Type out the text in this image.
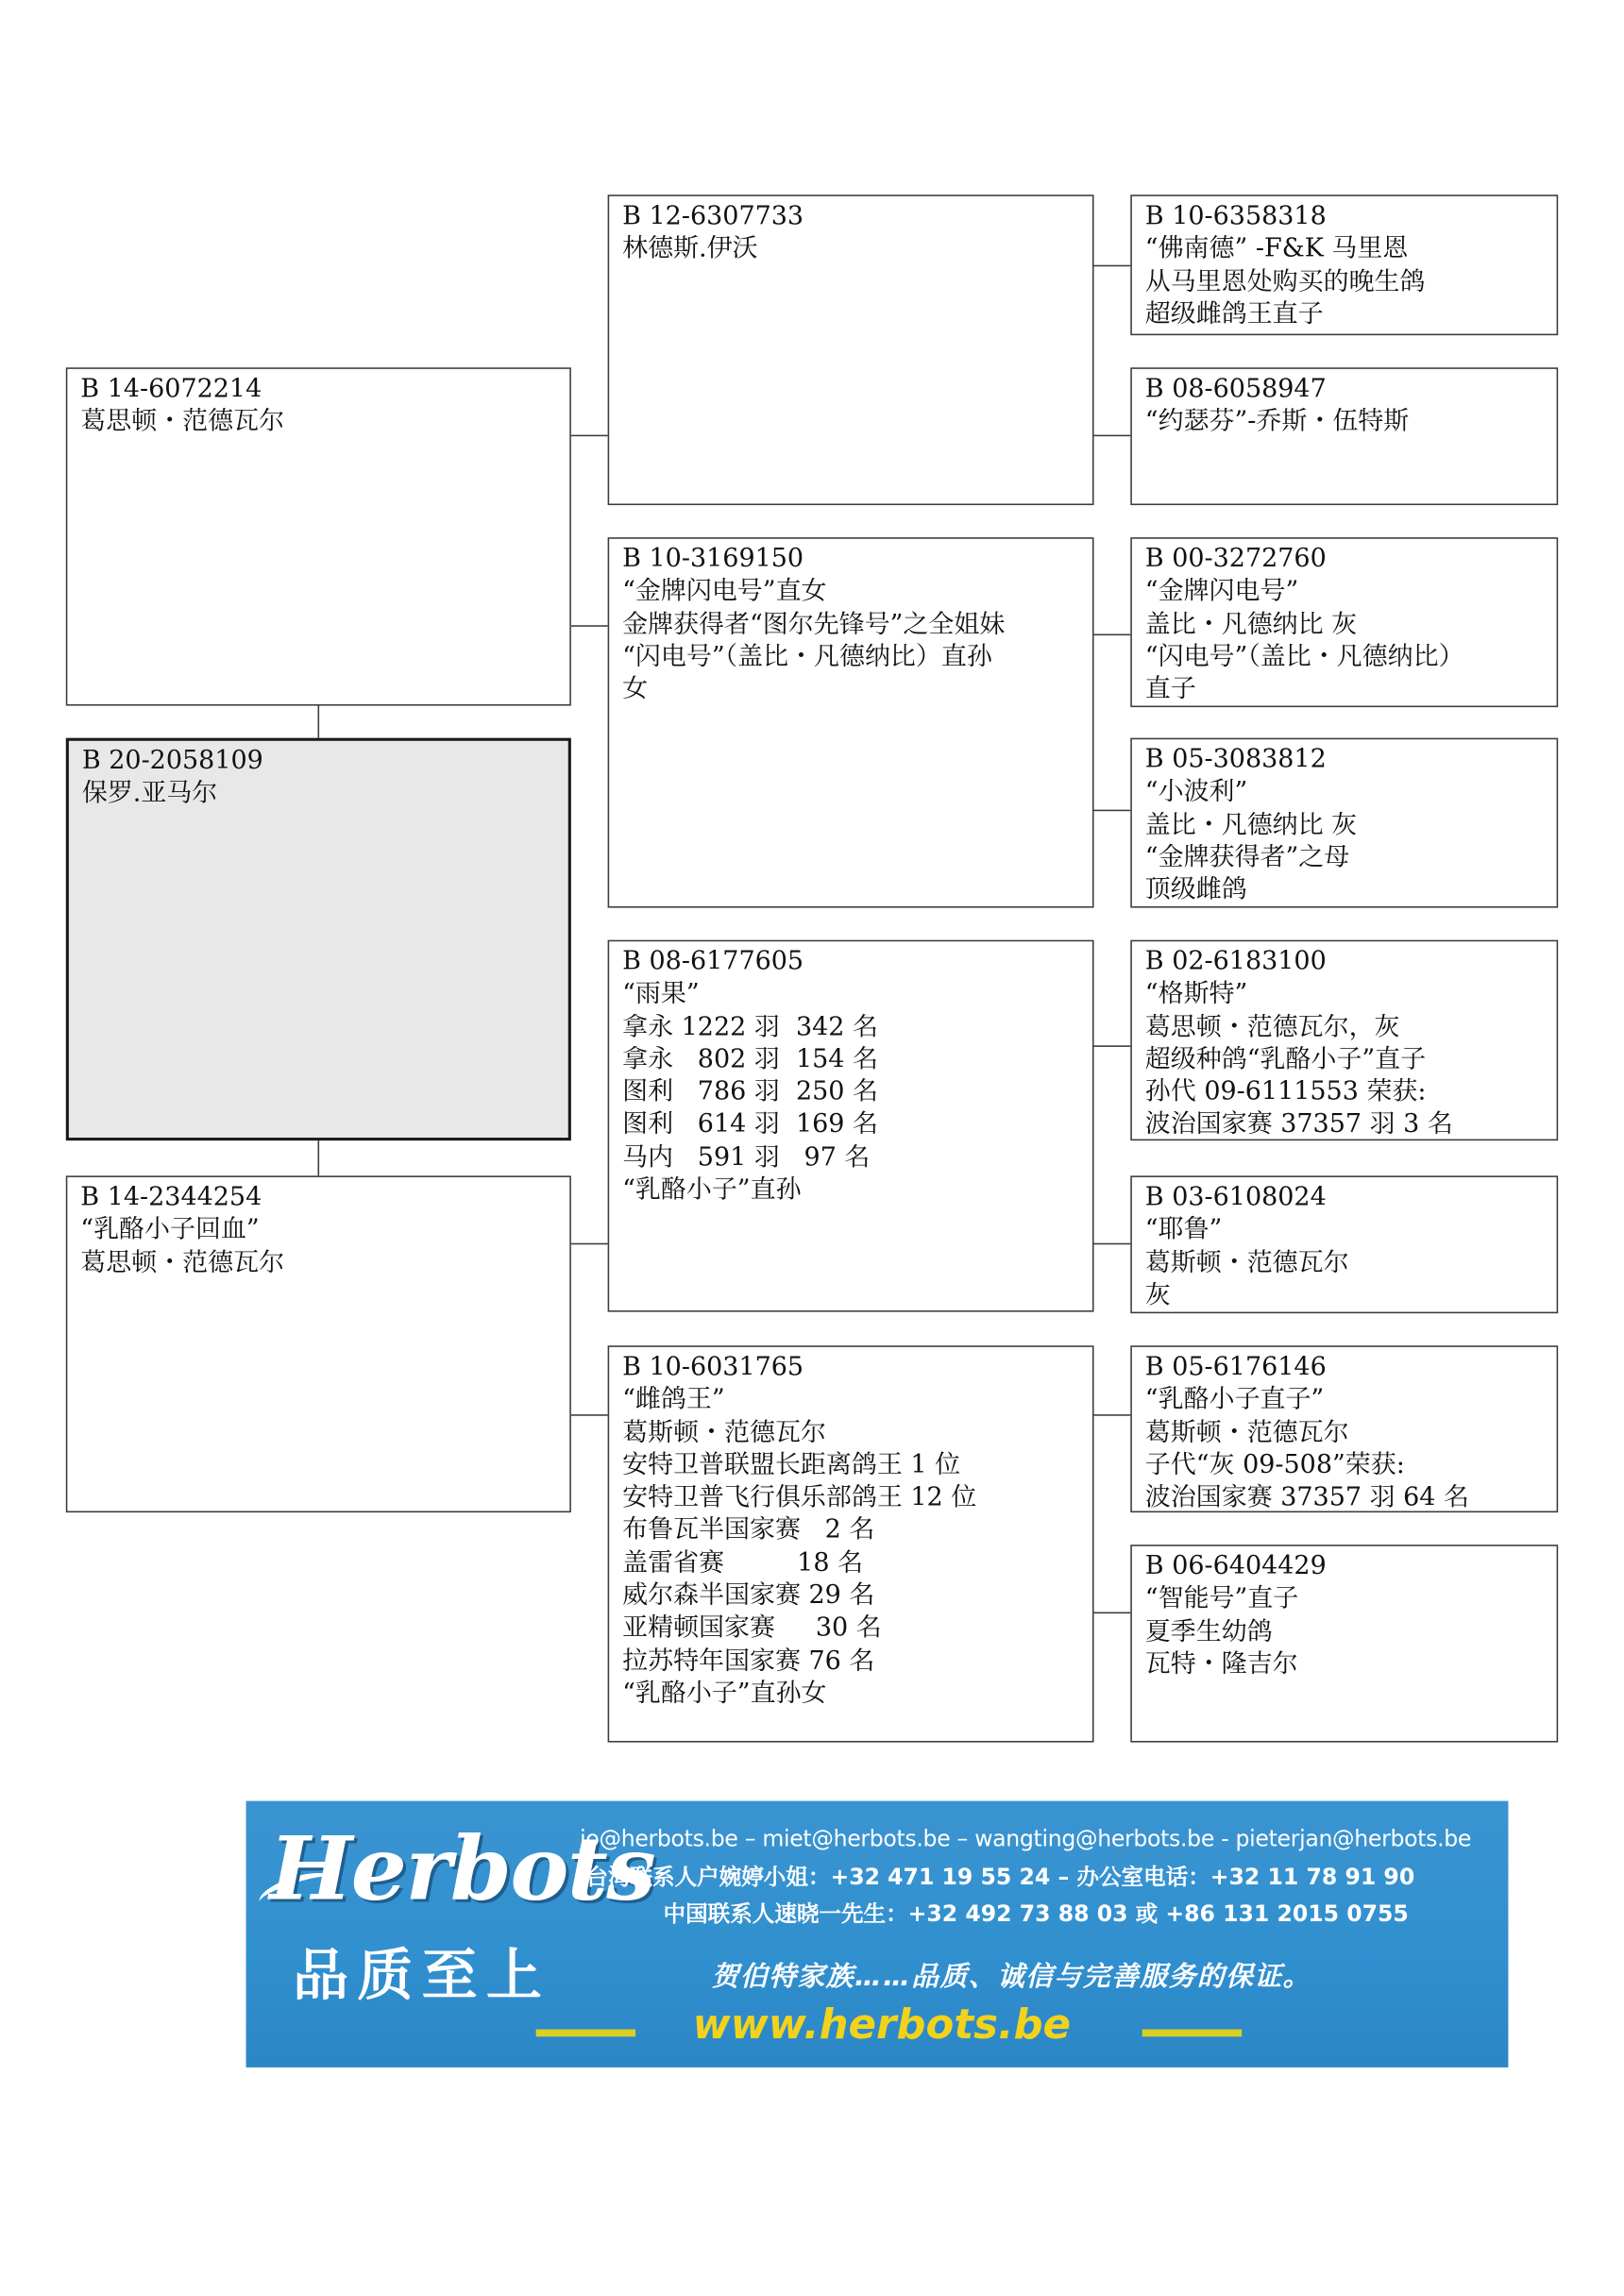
B 14-6072214
葛思顿・范德瓦尔
B 20-2058109
保罗.亚马尔
B 14-2344254
“乳酪小子回血”
葛思顿・范德瓦尔
B 12-6307733
林德斯.伊沃
B 10-3169150
“金牌闪电号”直女
金牌获得者“图尔先锋号”之全姐妹
“闪电号”（盖比・凡德纳比）直孙
女
B 08-6177605
“雨果”
拿永 1222 羽  342 名
拿永   802 羽  154 名
图利   786 羽  250 名
图利   614 羽  169 名
马内   591 羽   97 名
“乳酪小子”直孙
B 10-6031765
“雌鸽王”
葛斯顿・范德瓦尔
安特卫普联盟长距离鸽王 1 位
安特卫普飞行俱乐部鸽王 12 位
布鲁瓦半国家赛   2 名
盖雷省赛         18 名
威尔森半国家赛 29 名
亚精顿国家赛     30 名
拉苏特年国家赛 76 名
“乳酪小子”直孙女
B 10-6358318
“佛南德” -F&K 马里恩
从马里恩处购买的晚生鸽
超级雌鸽王直子
B 08-6058947
“约瑟芬”-乔斯・伍特斯
B 00-3272760
“金牌闪电号”
盖比・凡德纳比 灰
“闪电号”（盖比・凡德纳比）
直子
B 05-3083812
“小波利”
盖比・凡德纳比 灰
“金牌获得者”之母
顶级雌鸽
B 02-6183100
“格斯特”
葛思顿・范德瓦尔，灰
超级种鸽“乳酪小子”直子
孙代 09-6111553 荣获:
波治国家赛 37357 羽 3 名
B 03-6108024
“耶鲁”
葛斯顿・范德瓦尔
灰
B 05-6176146
“乳酪小子直子”
葛斯顿・范德瓦尔
子代“灰 09-508”荣获:
波治国家赛 37357 羽 64 名
B 06-6404429
“智能号”直子
夏季生幼鸽
瓦特・隆吉尔
Herbots
品质至上
jo@herbots.be – miet@herbots.be – wangting@herbots.be - pieterjan@herbots.be
台湾联系人户婉婷小姐：+32 471 19 55 24 – 办公室电话：+32 11 78 91 90
中国联系人速晓一先生：+32 492 73 88 03 或 +86 131 2015 0755
贺伯特家族……品质、诚信与完善服务的保证。
www.herbots.be
